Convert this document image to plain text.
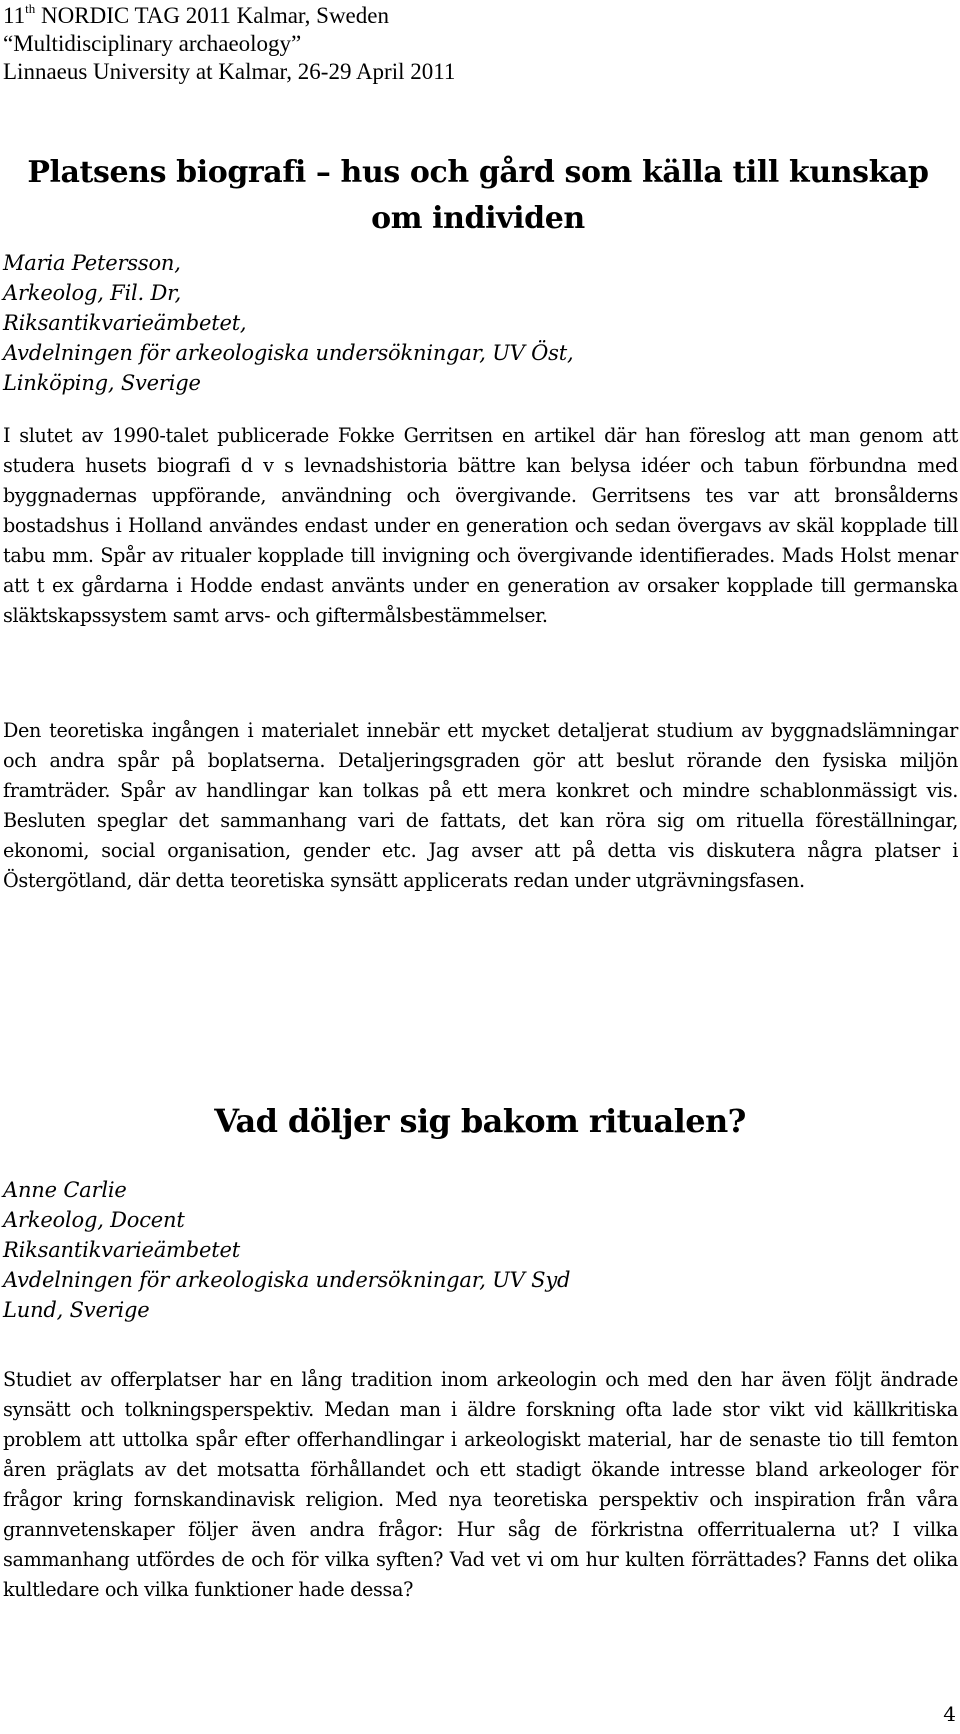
11th NORDIC TAG 2011 Kalmar, Sweden
“Multidisciplinary archaeology”
Linnaeus University at Kalmar, 26-29 April 2011
Platsens biografi – hus och gård som källa till kunskap om individen
Maria Petersson,
Arkeolog, Fil. Dr,
Riksantikvarieämbetet,
Avdelningen för arkeologiska undersökningar, UV Öst,
Linköping, Sverige
I slutet av 1990-talet publicerade Fokke Gerritsen en artikel där han föreslog att man genom att studera husets biografi d v s levnadshistoria bättre kan belysa idéer och tabun förbundna med byggnadernas uppförande, användning och övergivande. Gerritsens tes var att bronsålderns bostadshus i Holland användes endast under en generation och sedan övergavs av skäl kopplade till tabu mm. Spår av ritualer kopplade till invigning och övergivande identifierades. Mads Holst menar att t ex gårdarna i Hodde endast använts under en generation av orsaker kopplade till germanska släktskapssystem samt arvs- och giftermålsbestämmelser.
Den teoretiska ingången i materialet innebär ett mycket detaljerat studium av byggnadslämningar och andra spår på boplatserna. Detaljeringsgraden gör att beslut rörande den fysiska miljön framträder. Spår av handlingar kan tolkas på ett mera konkret och mindre schablonmässigt vis. Besluten speglar det sammanhang vari de fattats, det kan röra sig om rituella föreställningar, ekonomi, social organisation, gender etc. Jag avser att på detta vis diskutera några platser i Östergötland, där detta teoretiska synsätt applicerats redan under utgrävningsfasen.
Vad döljer sig bakom ritualen?
Anne Carlie
Arkeolog, Docent
Riksantikvarieämbetet
Avdelningen för arkeologiska undersökningar, UV Syd
Lund, Sverige
Studiet av offerplatser har en lång tradition inom arkeologin och med den har även följt ändrade synsätt och tolkningsperspektiv. Medan man i äldre forskning ofta lade stor vikt vid källkritiska problem att uttolka spår efter offerhandlingar i arkeologiskt material, har de senaste tio till femton åren präglats av det motsatta förhållandet och ett stadigt ökande intresse bland arkeologer för frågor kring fornskandinavisk religion. Med nya teoretiska perspektiv och inspiration från våra grannvetenskaper följer även andra frågor: Hur såg de förkristna offerritualerna ut? I vilka sammanhang utfördes de och för vilka syften? Vad vet vi om hur kulten förrättades? Fanns det olika kultledare och vilka funktioner hade dessa?
4
